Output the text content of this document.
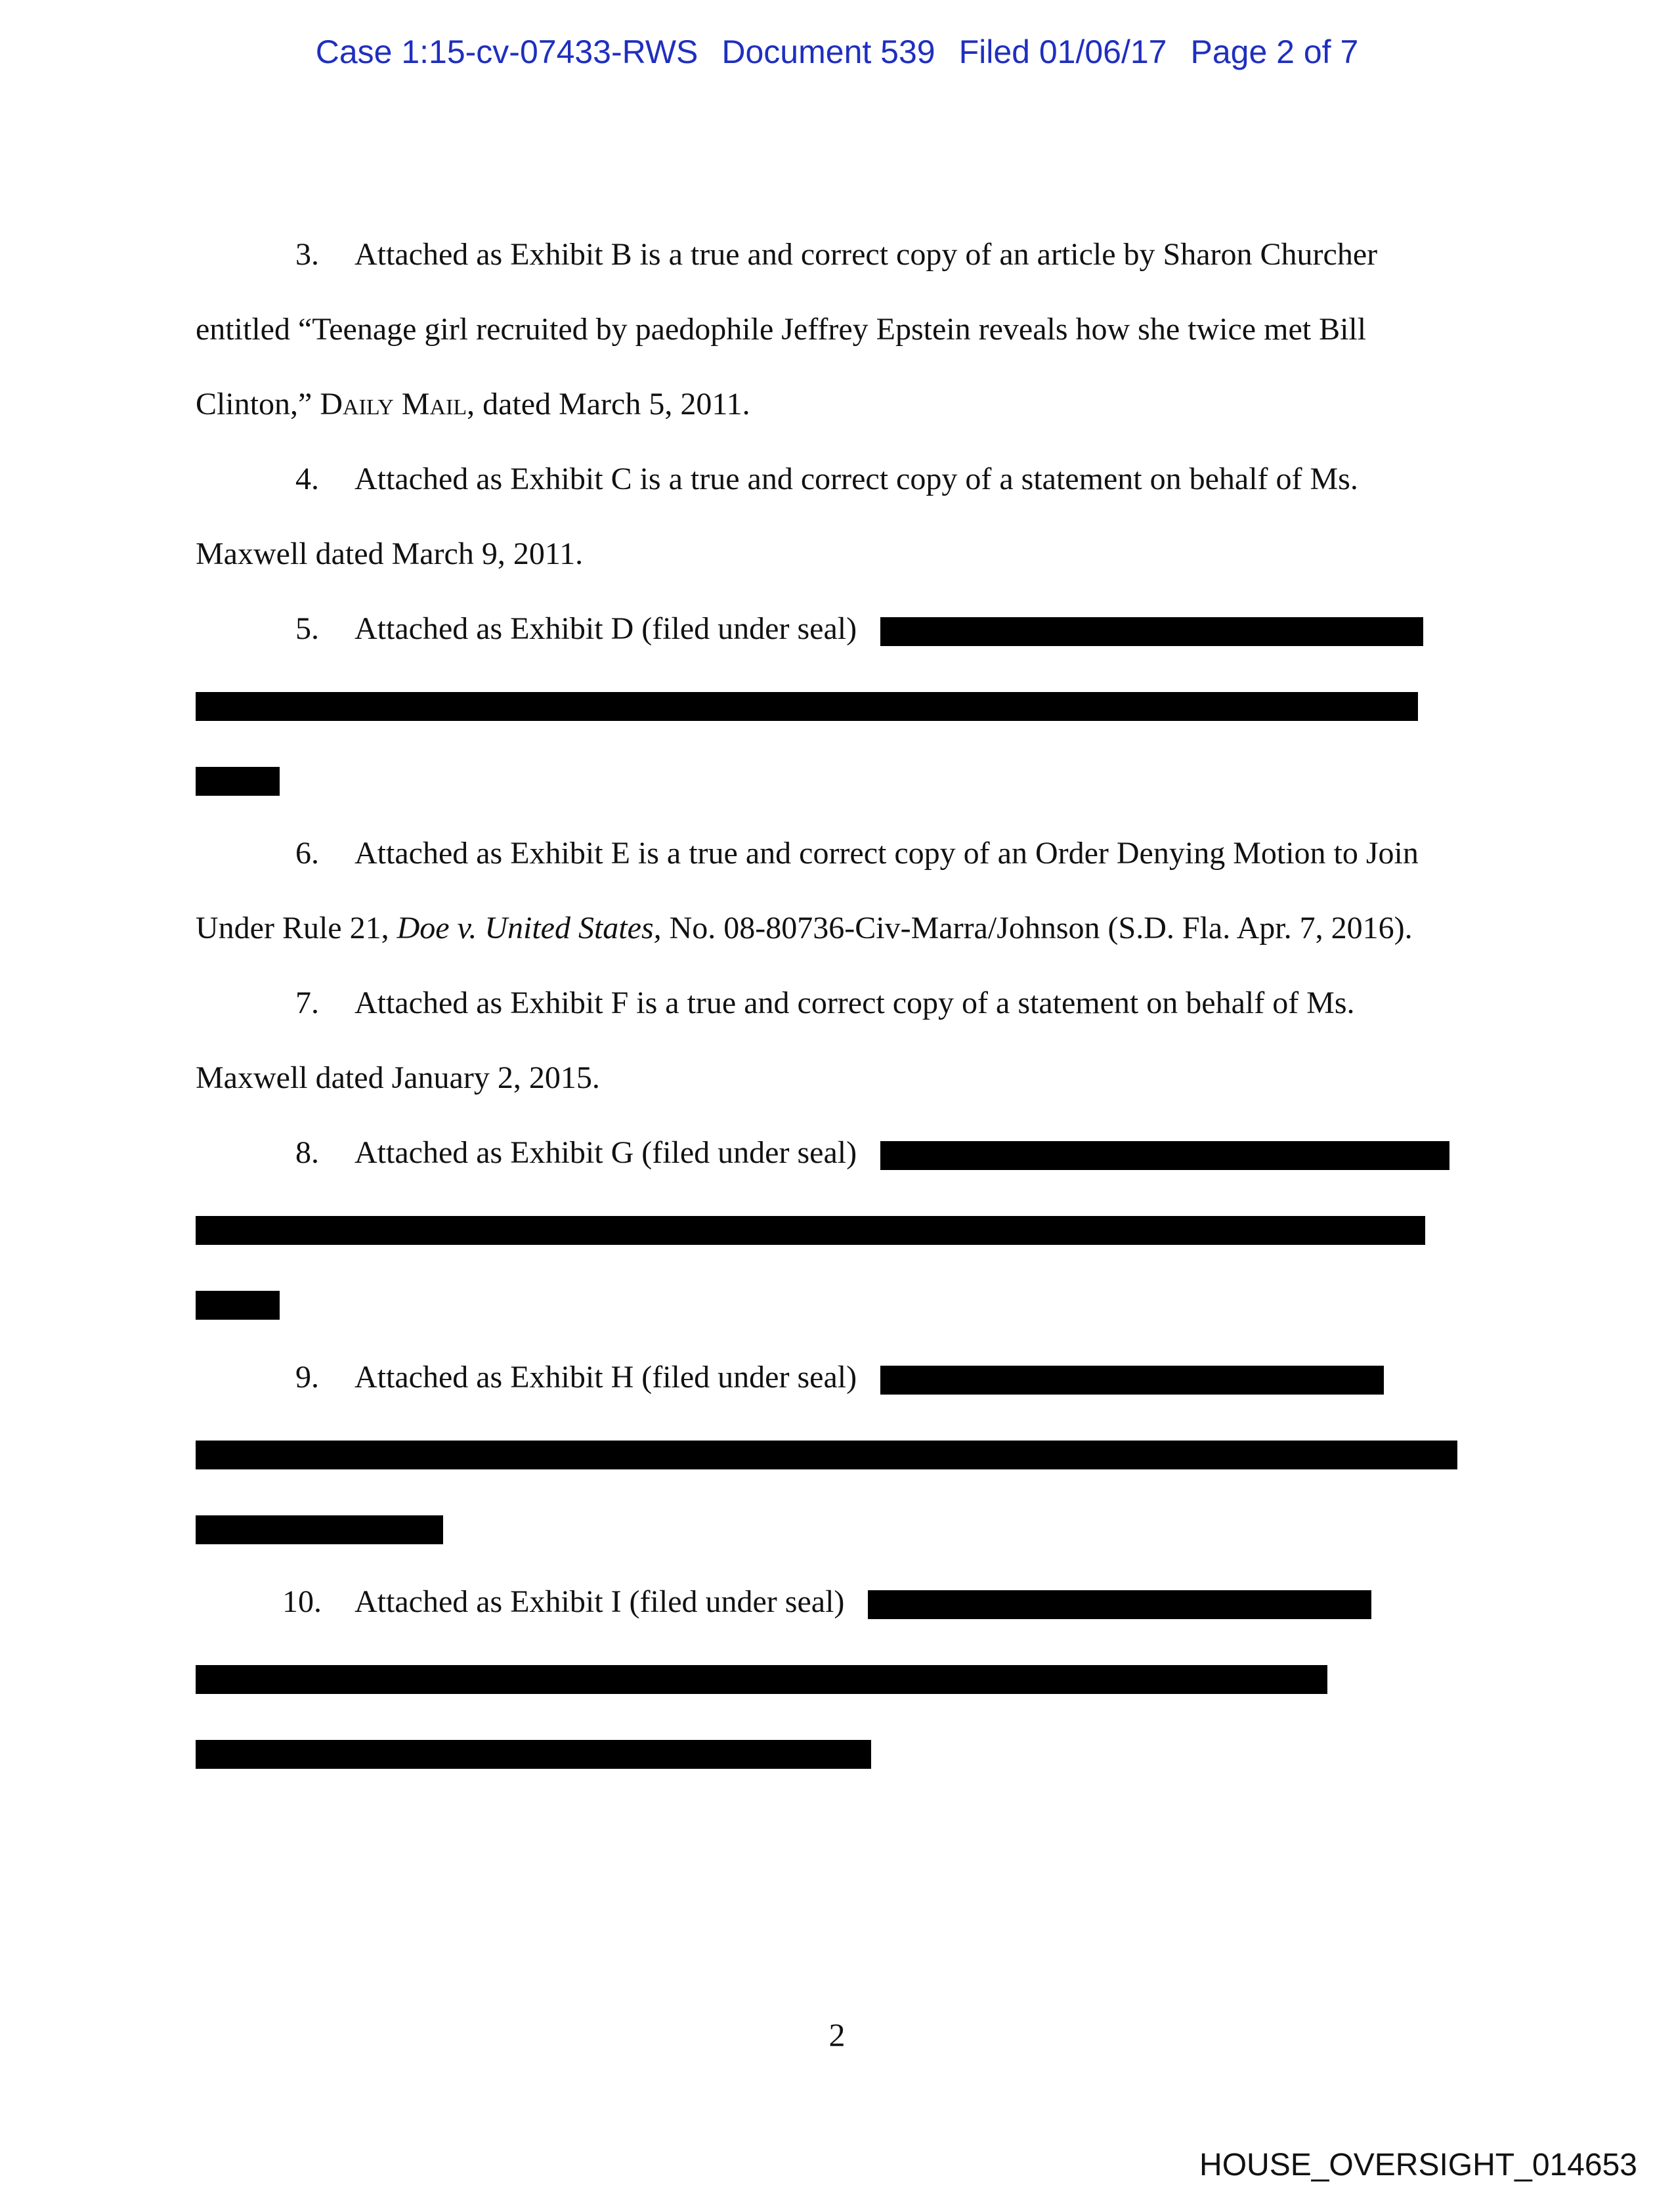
Case 1:15-cv-07433-RWS Document 539 Filed 01/06/17 Page 2 of 7
3. Attached as Exhibit B is a true and correct copy of an article by Sharon Churcher
entitled “Teenage girl recruited by paedophile Jeffrey Epstein reveals how she twice met Bill
Clinton,” Daily Mail, dated March 5, 2011.
4. Attached as Exhibit C is a true and correct copy of a statement on behalf of Ms.
Maxwell dated March 9, 2011.
5. Attached as Exhibit D (filed under seal)
6. Attached as Exhibit E is a true and correct copy of an Order Denying Motion to Join
Under Rule 21, Doe v. United States, No. 08-80736-Civ-Marra/Johnson (S.D. Fla. Apr. 7, 2016).
7. Attached as Exhibit F is a true and correct copy of a statement on behalf of Ms.
Maxwell dated January 2, 2015.
8. Attached as Exhibit G (filed under seal)
9. Attached as Exhibit H (filed under seal)
10. Attached as Exhibit I (filed under seal)
2
HOUSE_OVERSIGHT_014653
